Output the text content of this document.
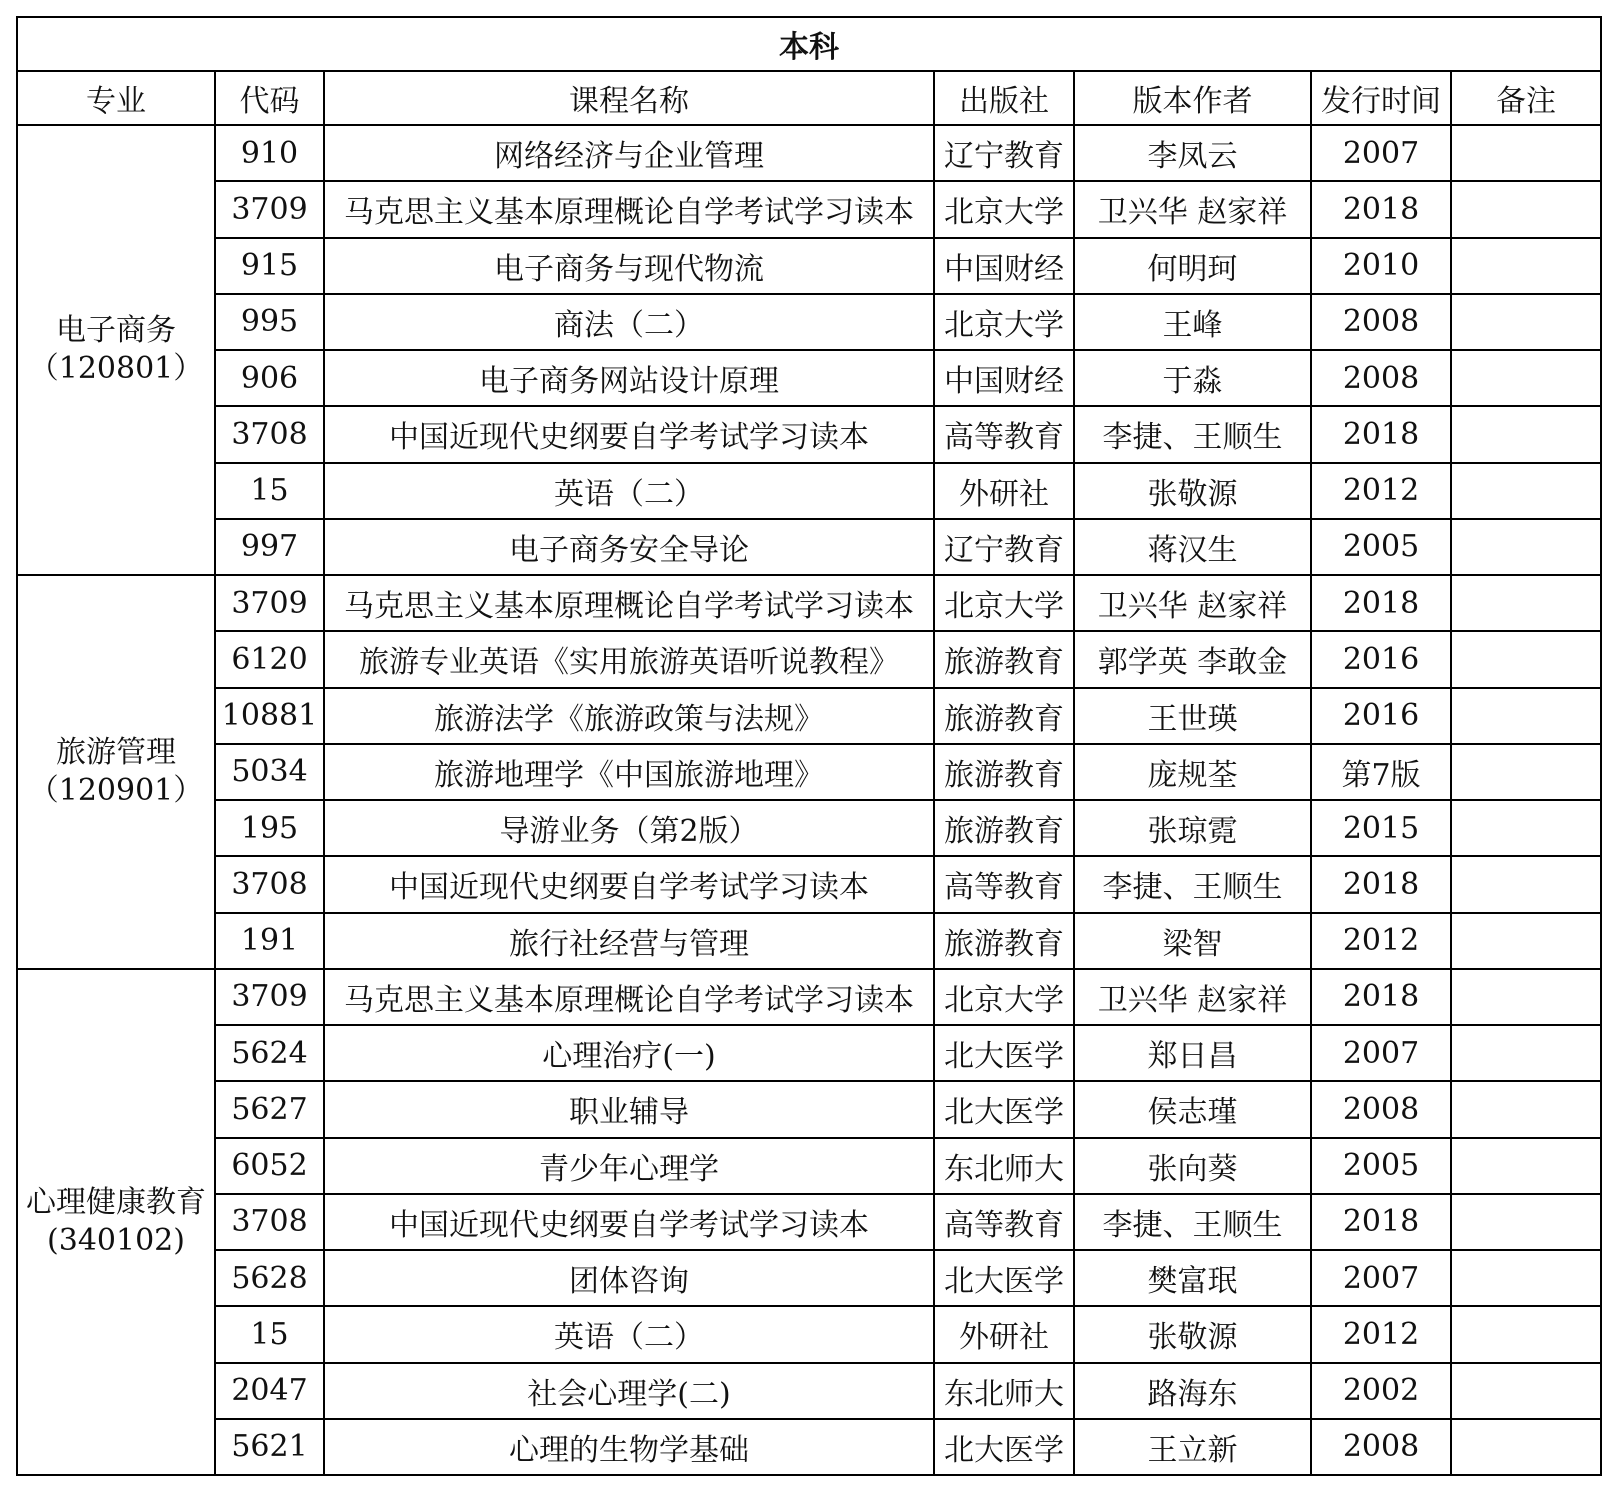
本科						
专业	代码	课程名称	出版社	版本作者	发行时间	备注

电子商务
（120801）	910	网络经济与企业管理	辽宁教育	李凤云	2007	
	3709	马克思主义基本原理概论自学考试学习读本	北京大学	卫兴华 赵家祥	2018	
	915	电子商务与现代物流	中国财经	何明珂	2010	
	995	商法（二）	北京大学	王峰	2008	
	906	电子商务网站设计原理	中国财经	于淼	2008	
	3708	中国近现代史纲要自学考试学习读本	高等教育	李捷、王顺生	2018	
	15	英语（二）	外研社	张敬源	2012	
	997	电子商务安全导论	辽宁教育	蒋汉生	2005	

旅游管理
（120901）	3709	马克思主义基本原理概论自学考试学习读本	北京大学	卫兴华 赵家祥	2018	
	6120	旅游专业英语《实用旅游英语听说教程》	旅游教育	郭学英 李敢金	2016	
	10881	旅游法学《旅游政策与法规》	旅游教育	王世瑛	2016	
	5034	旅游地理学《中国旅游地理》	旅游教育	庞规荃	第7版	
	195	导游业务（第2版）	旅游教育	张琼霓	2015	
	3708	中国近现代史纲要自学考试学习读本	高等教育	李捷、王顺生	2018	
	191	旅行社经营与管理	旅游教育	梁智	2012	

心理健康教育
(340102)	3709	马克思主义基本原理概论自学考试学习读本	北京大学	卫兴华 赵家祥	2018	
	5624	心理治疗(一)	北大医学	郑日昌	2007	
	5627	职业辅导	北大医学	侯志瑾	2008	
	6052	青少年心理学	东北师大	张向葵	2005	
	3708	中国近现代史纲要自学考试学习读本	高等教育	李捷、王顺生	2018	
	5628	团体咨询	北大医学	樊富珉	2007	
	15	英语（二）	外研社	张敬源	2012	
	2047	社会心理学(二)	东北师大	路海东	2002	
	5621	心理的生物学基础	北大医学	王立新	2008	
